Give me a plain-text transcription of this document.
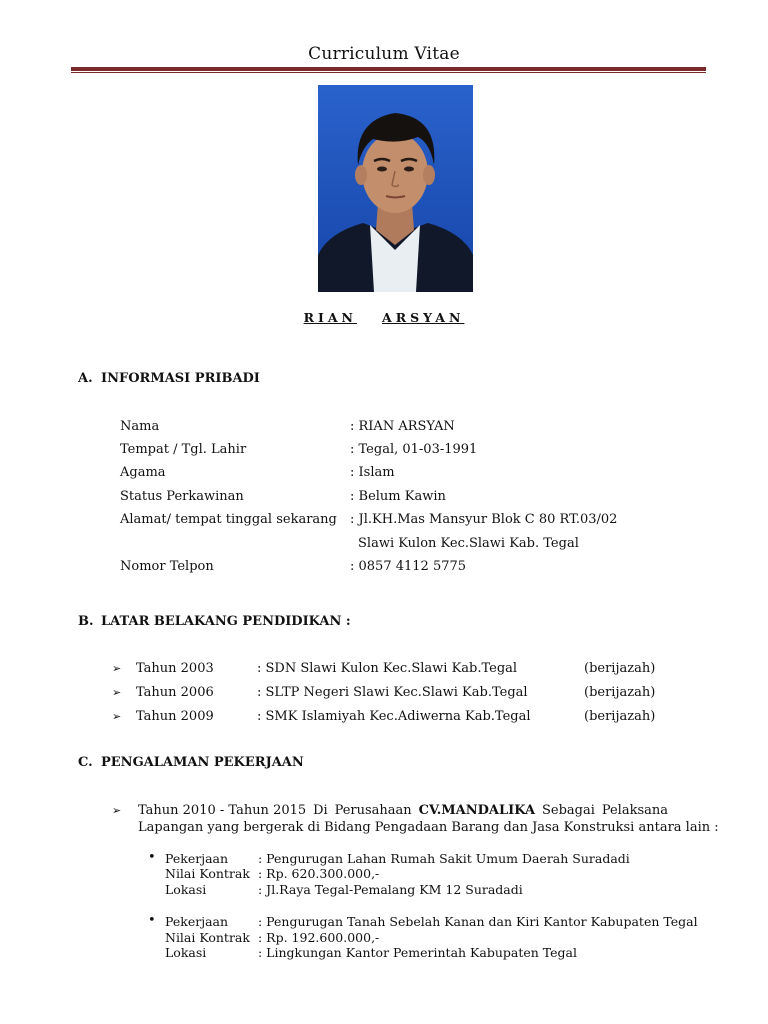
Curriculum Vitae
RIAN ARSYAN
A. INFORMASI PRIBADI
Nama	: RIAN ARSYAN
Tempat / Tgl. Lahir	: Tegal, 01-03-1991
Agama	: Islam
Status Perkawinan	: Belum Kawin
Alamat/ tempat tinggal sekarang : Jl.KH.Mas Mansyur Blok C 80 RT.03/02
Slawi Kulon Kec.Slawi Kab. Tegal
Nomor Telpon	: 0857 4112 5775
B. LATAR BELAKANG PENDIDIKAN :
➢ Tahun 2003	: SDN Slawi Kulon Kec.Slawi Kab.Tegal	(berijazah)
➢ Tahun 2006	: SLTP Negeri Slawi Kec.Slawi Kab.Tegal	(berijazah)
➢ Tahun 2009	: SMK Islamiyah Kec.Adiwerna Kab.Tegal	(berijazah)
C. PENGALAMAN PEKERJAAN
➢ Tahun 2010 - Tahun 2015 Di Perusahaan CV.MANDALIKA Sebagai Pelaksana
Lapangan yang bergerak di Bidang Pengadaan Barang dan Jasa Konstruksi antara lain :
• Pekerjaan : Pengurugan Lahan Rumah Sakit Umum Daerah Suradadi
Nilai Kontrak : Rp. 620.300.000,-
Lokasi	: Jl.Raya Tegal-Pemalang KM 12 Suradadi
• Pekerjaan : Pengurugan Tanah Sebelah Kanan dan Kiri Kantor Kabupaten Tegal
Nilai Kontrak : Rp. 192.600.000,-
Lokasi	: Lingkungan Kantor Pemerintah Kabupaten Tegal
